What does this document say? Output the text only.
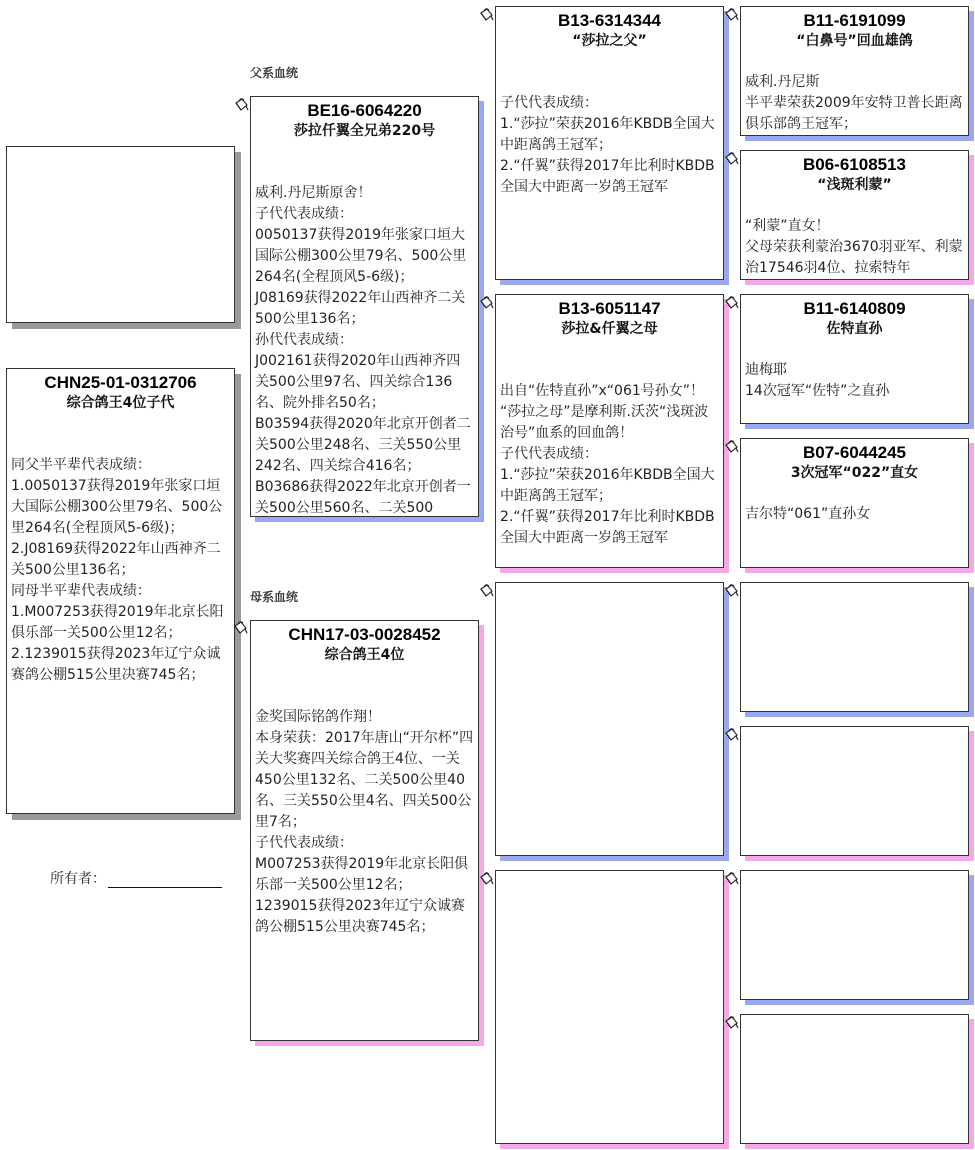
CHN25-01-0312706
综合鸽王4位子代

同父半平辈代表成绩：
1.0050137获得2019年张家口垣大国际公棚300公里79名、500公里264名(全程顶风5-6级)；
2.J08169获得2022年山西神齐二关500公里136名；
同母半平辈代表成绩：
1.M007253获得2019年北京长阳俱乐部一关500公里12名；
2.1239015获得2023年辽宁众诚赛鸽公棚515公里决赛745名；
所有者：
父系血统
母系血统
BE16-6064220
莎拉仟翼全兄弟220号

威利.丹尼斯原舍！
子代代表成绩：
0050137获得2019年张家口垣大国际公棚300公里79名、500公里264名(全程顶风5-6级)；
J08169获得2022年山西神齐二关500公里136名；
孙代代表成绩：
J002161获得2020年山西神齐四关500公里97名、四关综合136名、院外排名50名；
B03594获得2020年北京开创者二关500公里248名、三关550公里242名、四关综合416名；
B03686获得2022年北京开创者一关500公里560名、二关500
CHN17-03-0028452
综合鸽王4位

金奖国际铭鸽作翔！
本身荣获：2017年唐山“开尔杯”四关大奖赛四关综合鸽王4位、一关450公里132名、二关500公里40名、三关550公里4名、四关500公里7名；
子代代表成绩：
M007253获得2019年北京长阳俱乐部一关500公里12名；
1239015获得2023年辽宁众诚赛鸽公棚515公里决赛745名；
B13-6314344
“莎拉之父”

子代代表成绩：
1.“莎拉”荣获2016年KBDB全国大中距离鸽王冠军；
2.“仟翼”获得2017年比利时KBDB全国大中距离一岁鸽王冠军
B13-6051147
莎拉&仟翼之母

出自“佐特直孙”x“061号孙女”！
“莎拉之母”是摩利斯.沃茨“浅斑波治号”血系的回血鸽！
子代代表成绩：
1.“莎拉”荣获2016年KBDB全国大中距离鸽王冠军；
2.“仟翼”获得2017年比利时KBDB全国大中距离一岁鸽王冠军
B11-6191099
“白鼻号”回血雄鸽

威利.丹尼斯
半平辈荣获2009年安特卫普长距离俱乐部鸽王冠军；
B06-6108513
“浅斑利蒙”

“利蒙”直女！
父母荣获利蒙治3670羽亚军、利蒙治17546羽4位、拉索特年
B11-6140809
佐特直孙

迪梅耶
14次冠军“佐特”之直孙
B07-6044245
3次冠军“022”直女

吉尔特“061”直孙女
